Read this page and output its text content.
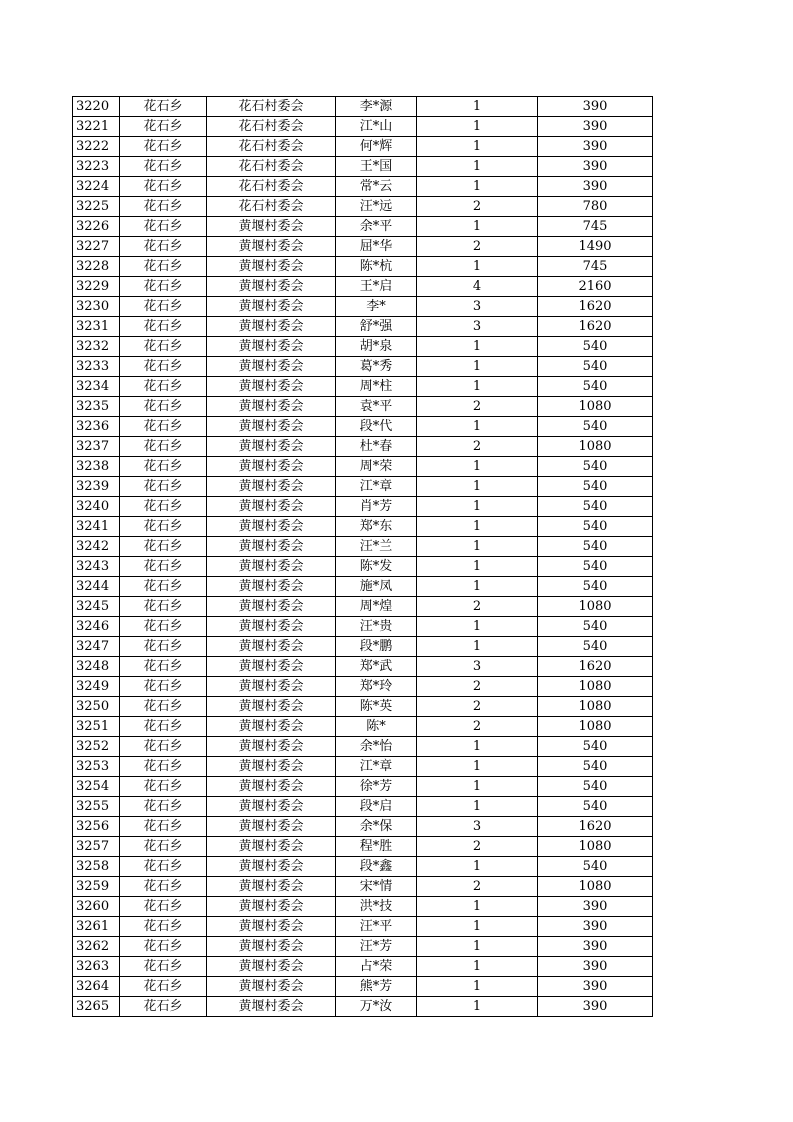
3220	花石乡	花石村委会	李*源	1	390
3221	花石乡	花石村委会	江*山	1	390
3222	花石乡	花石村委会	何*辉	1	390
3223	花石乡	花石村委会	王*国	1	390
3224	花石乡	花石村委会	常*云	1	390
3225	花石乡	花石村委会	汪*远	2	780
3226	花石乡	黄堰村委会	余*平	1	745
3227	花石乡	黄堰村委会	屈*华	2	1490
3228	花石乡	黄堰村委会	陈*杭	1	745
3229	花石乡	黄堰村委会	王*启	4	2160
3230	花石乡	黄堰村委会	李*	3	1620
3231	花石乡	黄堰村委会	舒*强	3	1620
3232	花石乡	黄堰村委会	胡*泉	1	540
3233	花石乡	黄堰村委会	葛*秀	1	540
3234	花石乡	黄堰村委会	周*柱	1	540
3235	花石乡	黄堰村委会	袁*平	2	1080
3236	花石乡	黄堰村委会	段*代	1	540
3237	花石乡	黄堰村委会	杜*春	2	1080
3238	花石乡	黄堰村委会	周*荣	1	540
3239	花石乡	黄堰村委会	江*章	1	540
3240	花石乡	黄堰村委会	肖*芳	1	540
3241	花石乡	黄堰村委会	郑*东	1	540
3242	花石乡	黄堰村委会	汪*兰	1	540
3243	花石乡	黄堰村委会	陈*发	1	540
3244	花石乡	黄堰村委会	施*凤	1	540
3245	花石乡	黄堰村委会	周*煌	2	1080
3246	花石乡	黄堰村委会	汪*贵	1	540
3247	花石乡	黄堰村委会	段*鹏	1	540
3248	花石乡	黄堰村委会	郑*武	3	1620
3249	花石乡	黄堰村委会	郑*玲	2	1080
3250	花石乡	黄堰村委会	陈*英	2	1080
3251	花石乡	黄堰村委会	陈*	2	1080
3252	花石乡	黄堰村委会	余*怡	1	540
3253	花石乡	黄堰村委会	江*章	1	540
3254	花石乡	黄堰村委会	徐*芳	1	540
3255	花石乡	黄堰村委会	段*启	1	540
3256	花石乡	黄堰村委会	余*保	3	1620
3257	花石乡	黄堰村委会	程*胜	2	1080
3258	花石乡	黄堰村委会	段*鑫	1	540
3259	花石乡	黄堰村委会	宋*情	2	1080
3260	花石乡	黄堰村委会	洪*技	1	390
3261	花石乡	黄堰村委会	汪*平	1	390
3262	花石乡	黄堰村委会	汪*芳	1	390
3263	花石乡	黄堰村委会	占*荣	1	390
3264	花石乡	黄堰村委会	熊*芳	1	390
3265	花石乡	黄堰村委会	万*汝	1	390
